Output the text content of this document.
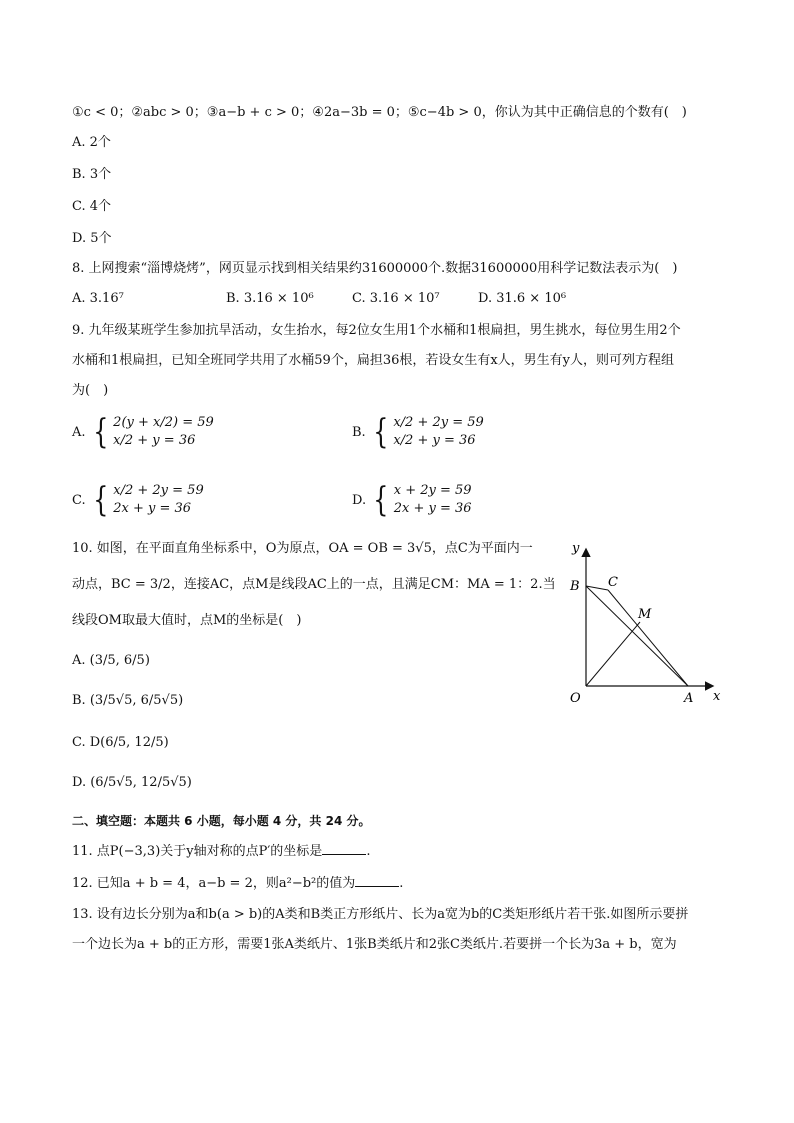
①c < 0；②abc > 0；③a−b + c > 0；④2a−3b = 0；⑤c−4b > 0，你认为其中正确信息的个数有(　)
A. 2个
B. 3个
C. 4个
D. 5个
8. 上网搜索“淄博烧烤”，网页显示找到相关结果约31600000个.数据31600000用科学记数法表示为(　)
A. 3.16⁷	B. 3.16 × 10⁶	C. 3.16 × 10⁷	D. 31.6 × 10⁶
9. 九年级某班学生参加抗旱活动，女生抬水，每2位女生用1个水桶和1根扁担，男生挑水，每位男生用2个
水桶和1根扁担，已知全班同学共用了水桶59个，扁担36根，若设女生有x人，男生有y人，则可列方程组
为(　)
A. { 2(y + x/2) = 59
x/2 + y = 36
B. { x/2 + 2y = 59
x/2 + y = 36
C. { x/2 + 2y = 59
2x + y = 36
D. { x + 2y = 59
2x + y = 36
10. 如图，在平面直角坐标系中，O为原点，OA = OB = 3√5，点C为平面内一
动点，BC = 3/2，连接AC，点M是线段AC上的一点，且满足CM：MA = 1：2.当
线段OM取最大值时，点M的坐标是(　)
A. (3/5, 6/5)
B. (3/5√5, 6/5√5)
C. D(6/5, 12/5)
D. (6/5√5, 12/5√5)
y
x
O	A
B C
M
二、填空题：本题共 6 小题，每小题 4 分，共 24 分。
11. 点P(−3,3)关于y轴对称的点P′的坐标是	.
12. 已知a + b = 4，a−b = 2，则a²−b²的值为	.
13. 设有边长分别为a和b(a > b)的A类和B类正方形纸片、长为a宽为b的C类矩形纸片若干张.如图所示要拼
一个边长为a + b的正方形，需要1张A类纸片、1张B类纸片和2张C类纸片.若要拼一个长为3a + b，宽为
